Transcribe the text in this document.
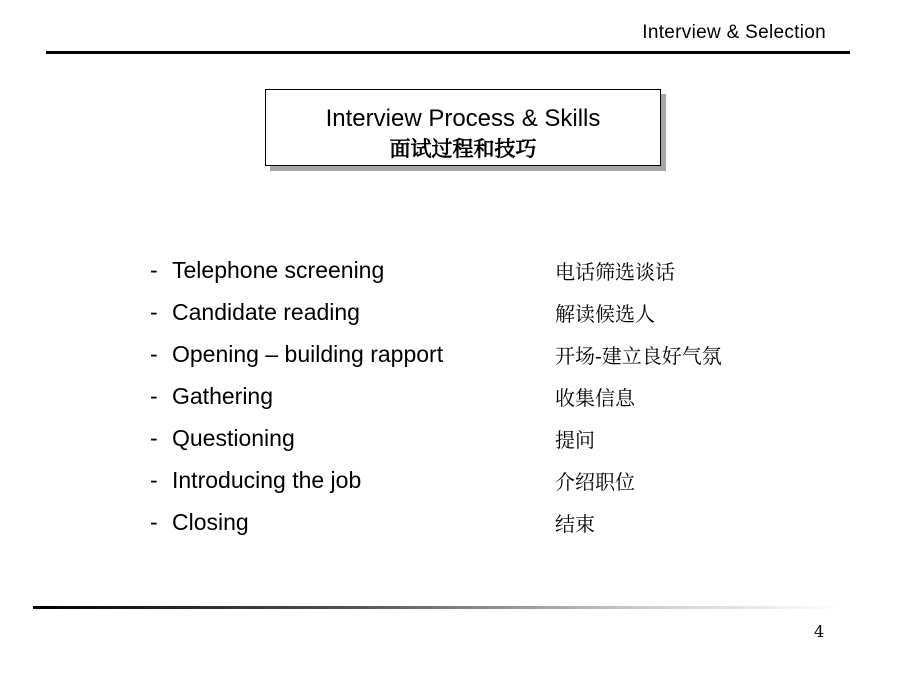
Interview & Selection
Interview Process & Skills
面试过程和技巧
- Telephone screening	电话筛选谈话
- Candidate reading	解读候选人
- Opening – building rapport	开场-建立良好气氛
- Gathering	收集信息
- Questioning	提问
- Introducing the job	介绍职位
- Closing	结束
4
